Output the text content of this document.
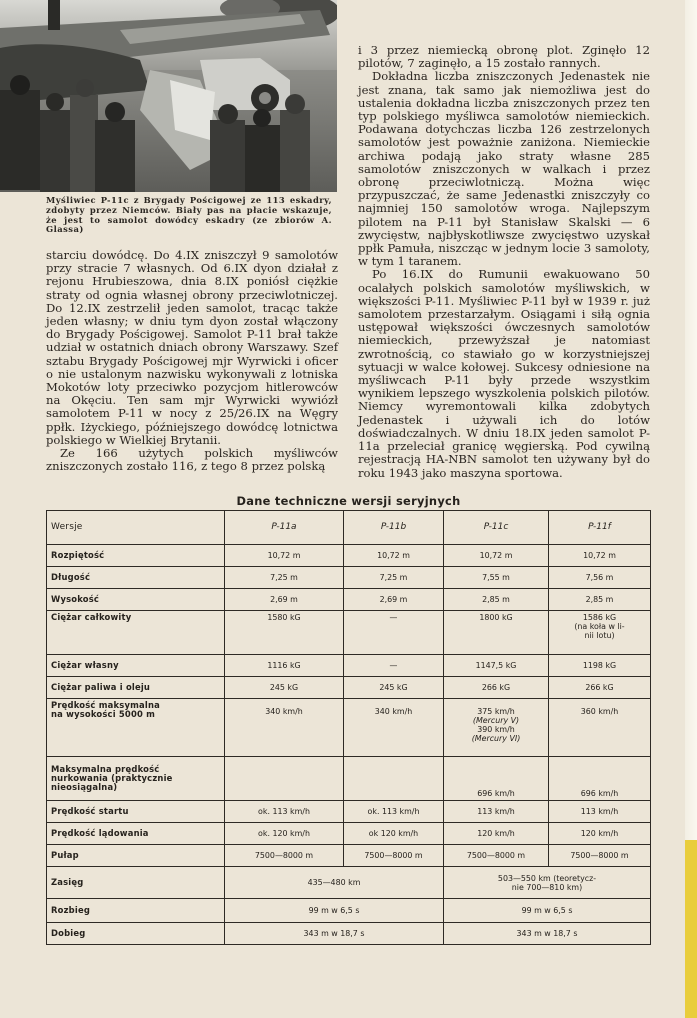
Myśliwiec P-11c z Brygady Pościgowej ze 113 eskadry, zdobyty przez Niemców. Biały pas na płacie wskazuje, że jest to samolot dowódcy eskadry (ze zbiorów A. Glassa)

starciu dowódcę. Do 4.IX zniszczył 9 samolotów przy stracie 7 własnych. Od 6.IX dyon działał z rejonu Hrubieszowa, dnia 8.IX poniósł ciężkie straty od ognia własnej obrony przeciwlotniczej. Do 12.IX zestrzelił jeden samolot, tracąc także jeden własny; w dniu tym dyon został włączony do Brygady Pościgowej. Samolot P-11 brał także udział w ostatnich dniach obrony Warszawy. Szef sztabu Brygady Pościgowej mjr Wyrwicki i oficer o nie ustalonym nazwisku wykonywali z lotniska Mokotów loty przeciwko pozycjom hitlerowców na Okęciu. Ten sam mjr Wyrwicki wywiózł samolotem P-11 w nocy z 25/26.IX na Węgry ppłk. Iżyckiego, późniejszego dowódcę lotnictwa polskiego w Wielkiej Brytanii.

Ze 166 użytych polskich myśliwców zniszczonych zostało 116, z tego 8 przez polską

i 3 przez niemiecką obronę plot. Zginęło 12 pilotów, 7 zaginęło, a 15 zostało rannych.

Dokładna liczba zniszczonych Jedenastek nie jest znana, tak samo jak niemożliwa jest do ustalenia dokładna liczba zniszczonych przez ten typ polskiego myśliwca samolotów niemieckich. Podawana dotychczas liczba 126 zestrzelonych samolotów jest poważnie zaniżona. Niemieckie archiwa podają jako straty własne 285 samolotów zniszczonych w walkach i przez obronę przeciwlotniczą. Można więc przypuszczać, że same Jedenastki zniszczyły co najmniej 150 samolotów wroga. Najlepszym pilotem na P-11 był Stanisław Skalski — 6 zwycięstw, najbłyskotliwsze zwycięstwo uzyskał ppłk Pamuła, niszcząc w jednym locie 3 samoloty, w tym 1 taranem.

Po 16.IX do Rumunii ewakuowano 50 ocalałych polskich samolotów myśliwskich, w większości P-11. Myśliwiec P-11 był w 1939 r. już samolotem przestarzałym. Osiągami i siłą ognia ustępował większości ówczesnych samolotów niemieckich, przewyższał je natomiast zwrotnością, co stawiało go w korzystniejszej sytuacji w walce kołowej. Sukcesy odniesione na myśliwcach P-11 były przede wszystkim wynikiem lepszego wyszkolenia polskich pilotów. Niemcy wyremontowali kilka zdobytych Jedenastek i używali ich do lotów doświadczalnych. W dniu 18.IX jeden samolot P-11a przeleciał granicę węgierską. Pod cywilną rejestracją HA-NBN samolot ten używany był do roku 1943 jako maszyna sportowa.

Dane techniczne wersji seryjnych
Wersje	P-11a	P-11b	P-11c	P-11f
Rozpiętość	10,72 m	10,72 m	10,72 m	10,72 m
Długość	7,25 m	7,25 m	7,55 m	7,56 m
Wysokość	2,69 m	2,69 m	2,85 m	2,85 m
Ciężar całkowity	1580 kG	—	1800 kG	1586 kG
(na koła w li-
nii lotu)

Ciężar własny	1116 kG	—	1147,5 kG	1198 kG
Ciężar paliwa i oleju	245 kG	245 kG	266 kG	266 kG

Prędkość maksymalna
na wysokości 5000 m	340 km/h	340 km/h	375 km/h
(Mercury V)
390 km/h
(Mercury VI)	360 km/h

Maksymalna prędkość
nurkowania (praktycznie
nieosiągalna)			696 km/h	696 km/h
Prędkość startu	ok. 113 km/h	ok. 113 km/h	113 km/h	113 km/h
Prędkość lądowania	ok. 120 km/h	ok 120 km/h	120 km/h	120 km/h
Pułap	7500—8000 m	7500—8000 m	7500—8000 m	7500—8000 m
Zasięg	435—480 km		503—550 km (teoretycz-
nie 700—810 km)	

Rozbieg	99 m w 6,5 s		99 m w 6,5 s	
Dobieg	343 m w 18,7 s		343 m w 18,7 s	
